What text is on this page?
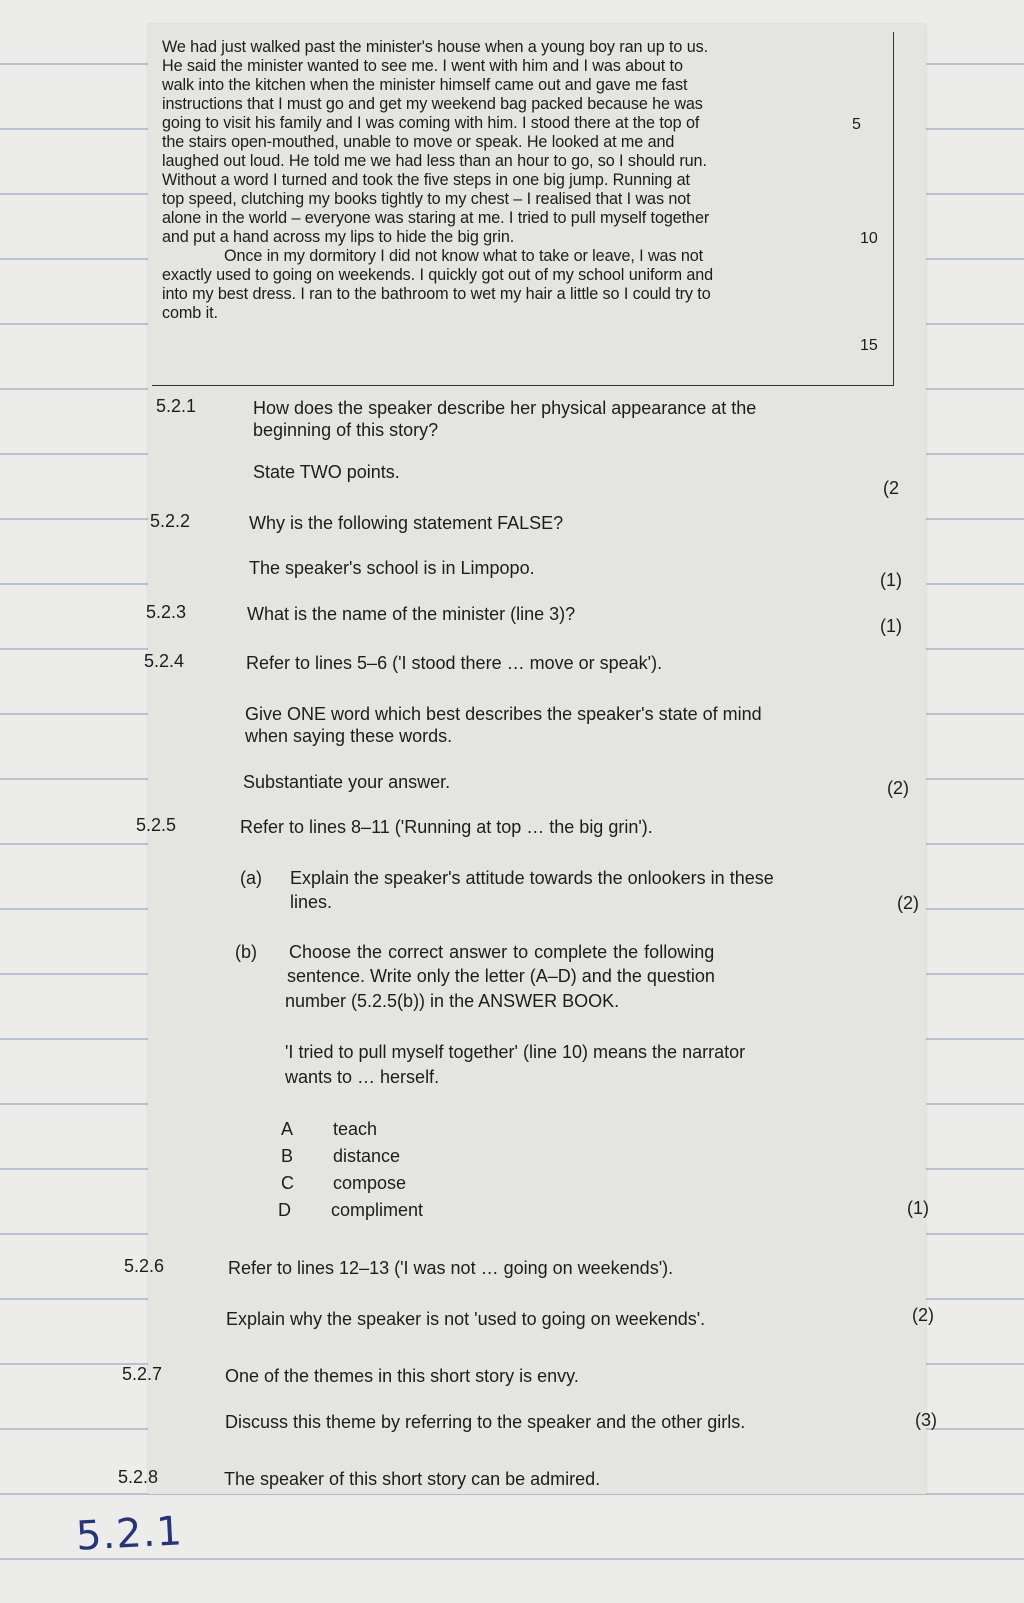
We had just walked past the minister's house when a young boy ran up to us.
He said the minister wanted to see me. I went with him and I was about to
walk into the kitchen when the minister himself came out and gave me fast
instructions that I must go and get my weekend bag packed because he was
going to visit his family and I was coming with him. I stood there at the top of
the stairs open-mouthed, unable to move or speak. He looked at me and
laughed out loud. He told me we had less than an hour to go, so I should run.
Without a word I turned and took the five steps in one big jump. Running at
top speed, clutching my books tightly to my chest – I realised that I was not
alone in the world – everyone was staring at me. I tried to pull myself together
and put a hand across my lips to hide the big grin.
Once in my dormitory I did not know what to take or leave, I was not
exactly used to going on weekends. I quickly got out of my school uniform and
into my best dress. I ran to the bathroom to wet my hair a little so I could try to
comb it.
5
10
15
5.2.1	How does the speaker describe her physical appearance at the
beginning of this story?
State TWO points.
(2
5.2.2	Why is the following statement FALSE?
The speaker's school is in Limpopo.
(1)
5.2.3	What is the name of the minister (line 3)?
(1)
5.2.4	Refer to lines 5–6 ('I stood there … move or speak').
Give ONE word which best describes the speaker's state of mind
when saying these words.
Substantiate your answer.	(2)
5.2.5	Refer to lines 8–11 ('Running at top … the big grin').
(a) Explain the speaker's attitude towards the onlookers in these
lines.	(2)
(b) Choose the correct answer to complete the following
sentence. Write only the letter (A–D) and the question
number (5.2.5(b)) in the ANSWER BOOK.
'I tried to pull myself together' (line 10) means the narrator
wants to … herself.
A teach
B distance
C compose
D compliment	(1)
5.2.6	Refer to lines 12–13 ('I was not … going on weekends').
Explain why the speaker is not 'used to going on weekends'.	(2)
5.2.7	One of the themes in this short story is envy.
Discuss this theme by referring to the speaker and the other girls.	(3)
5.2.8	The speaker of this short story can be admired.
5.2.1
